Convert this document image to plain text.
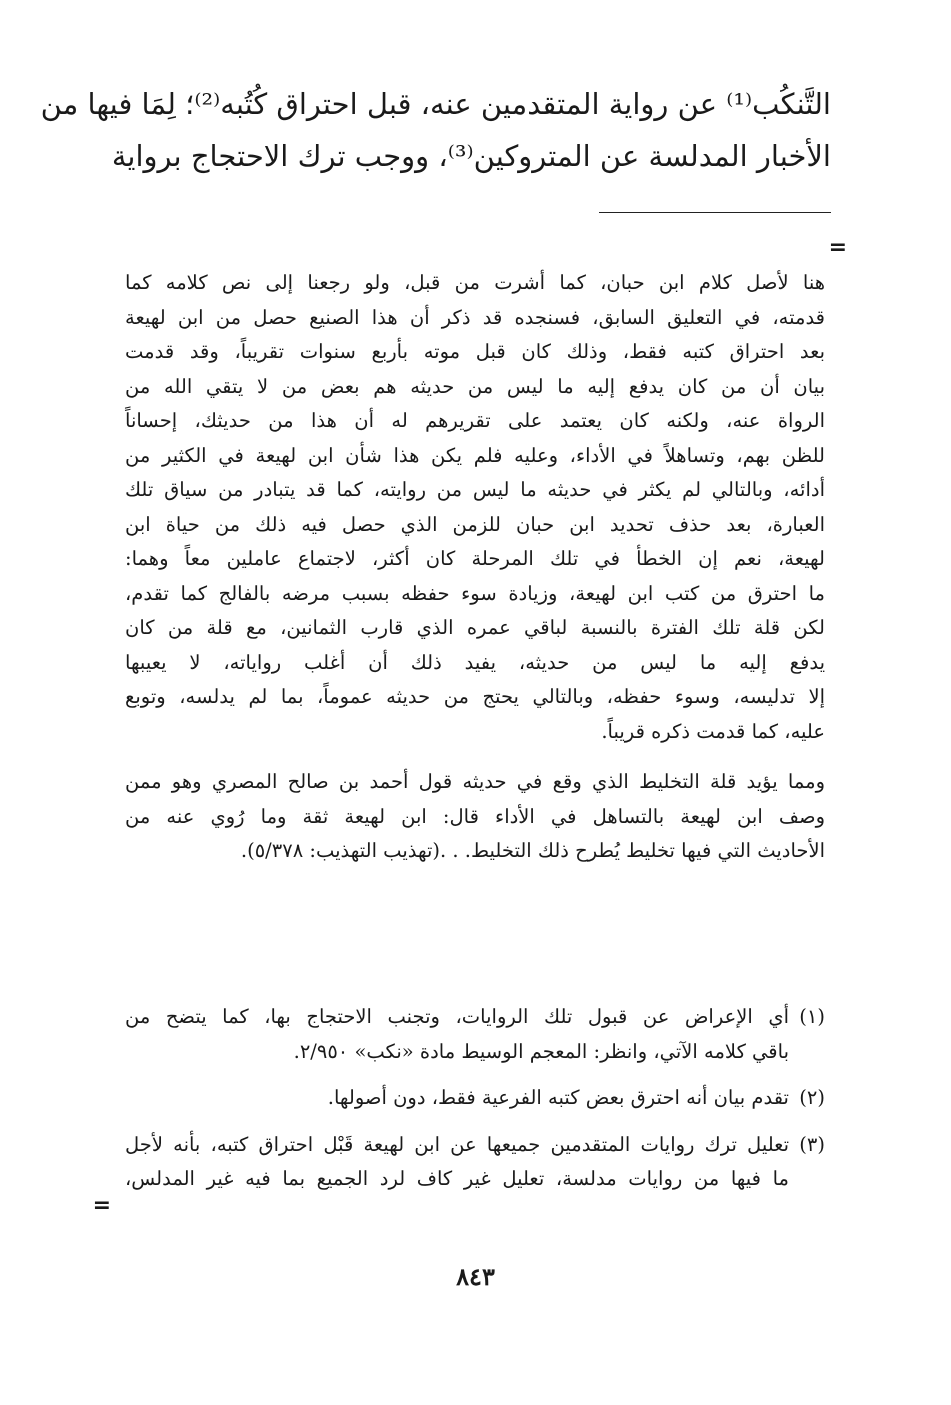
التَّنكُب⁽¹⁾ عن رواية المتقدمين عنه، قبل احتراق كُتُبه⁽²⁾؛ لِمَا فيها من
الأخبار المدلسة عن المتروكين⁽³⁾، ووجب ترك الاحتجاج برواية
=

هنا لأصل كلام ابن حبان، كما أشرت من قبل، ولو رجعنا إلى نص كلامه كما
قدمته، في التعليق السابق، فسنجده قد ذكر أن هذا الصنيع حصل من ابن لهيعة
بعد احتراق كتبه فقط، وذلك كان قبل موته بأربع سنوات تقريباً، وقد قدمت
بيان أن من كان يدفع إليه ما ليس من حديثه هم بعض من لا يتقي الله من
الرواة عنه، ولكنه كان يعتمد على تقريرهم له أن هذا من حديثك، إحساناً
للظن بهم، وتساهلاً في الأداء، وعليه فلم يكن هذا شأن ابن لهيعة في الكثير من
أدائه، وبالتالي لم يكثر في حديثه ما ليس من روايته، كما قد يتبادر من سياق تلك
العبارة، بعد حذف تحديد ابن حبان للزمن الذي حصل فيه ذلك من حياة ابن
لهيعة، نعم إن الخطأ في تلك المرحلة كان أكثر، لاجتماع عاملين معاً وهما:
ما احترق من كتب ابن لهيعة، وزيادة سوء حفظه بسبب مرضه بالفالج كما تقدم،
لكن قلة تلك الفترة بالنسبة لباقي عمره الذي قارب الثمانين، مع قلة من كان
يدفع إليه ما ليس من حديثه، يفيد ذلك أن أغلب رواياته، لا يعيبها
إلا تدليسه، وسوء حفظه، وبالتالي يحتج من حديثه عموماً، بما لم يدلسه، وتوبع
عليه، كما قدمت ذكره قريباً.

ومما يؤيد قلة التخليط الذي وقع في حديثه قول أحمد بن صالح المصري وهو ممن
وصف ابن لهيعة بالتساهل في الأداء قال: ابن لهيعة ثقة وما رُوي عنه من
الأحاديث التي فيها تخليط يُطرح ذلك التخليط. . .(تهذيب التهذيب: ٥/٣٧٨).

(١)
أي الإعراض عن قبول تلك الروايات، وتجنب الاحتجاج بها، كما يتضح من
باقي كلامه الآتي، وانظر: المعجم الوسيط مادة «نكب» ٢/٩٥٠.
(٢)
تقدم بيان أنه احترق بعض كتبه الفرعية فقط، دون أصولها.
(٣)
تعليل ترك روايات المتقدمين جميعها عن ابن لهيعة قَبْل احتراق كتبه، بأنه لأجل
ما فيها من روايات مدلسة، تعليل غير كاف لرد الجميع بما فيه غير المدلس،
=
٨٤٣
